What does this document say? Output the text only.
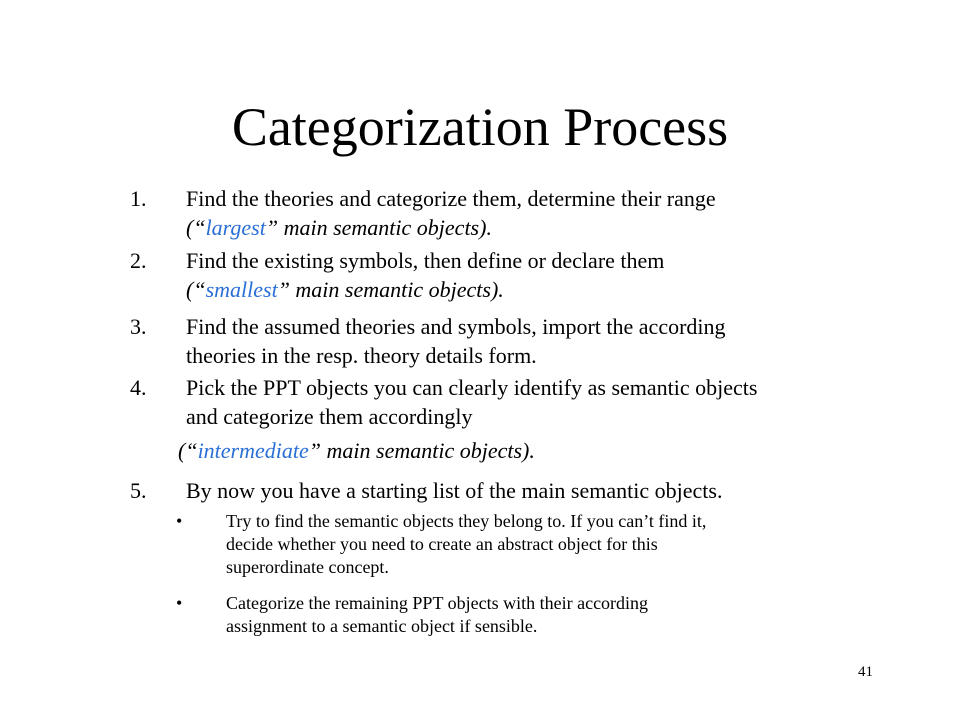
Categorization Process
1. Find the theories and categorize them, determine their range
(“largest” main semantic objects).
2. Find the existing symbols, then define or declare them
(“smallest” main semantic objects).
3. Find the assumed theories and symbols, import the according
theories in the resp. theory details form.
4. Pick the PPT objects you can clearly identify as semantic objects
and categorize them accordingly
(“intermediate” main semantic objects).
5. By now you have a starting list of the main semantic objects.
• Try to find the semantic objects they belong to. If you can’t find it,
decide whether you need to create an abstract object for this
superordinate concept.
• Categorize the remaining PPT objects with their according
assignment to a semantic object if sensible.
41
